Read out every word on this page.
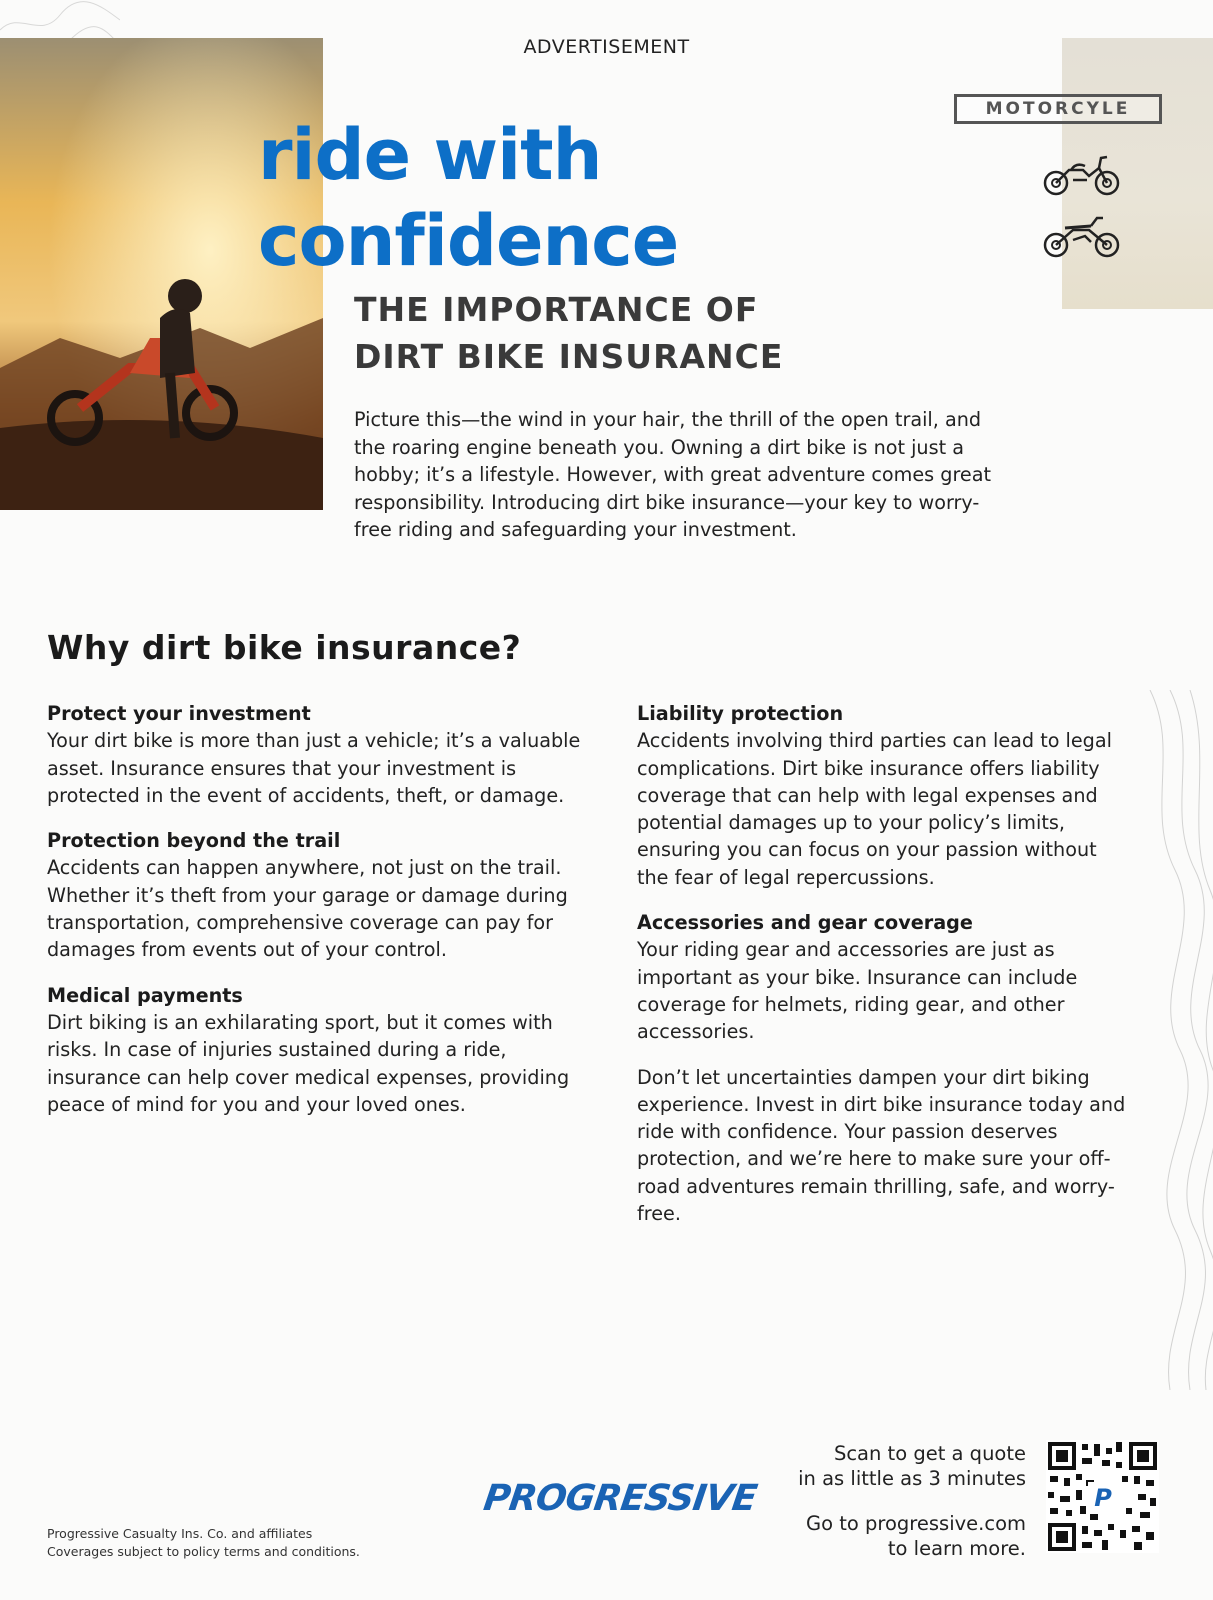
ADVERTISEMENT
MOTORCYLE
ride with
confidence
THE IMPORTANCE OF
DIRT BIKE INSURANCE
Picture this—the wind in your hair, the thrill of the open trail, and the roaring engine beneath you. Owning a dirt bike is not just a hobby; it’s a lifestyle. However, with great adventure comes great responsibility. Introducing dirt bike insurance—your key to worry-free riding and safeguarding your investment.
Why dirt bike insurance?
Protect your investment

Your dirt bike is more than just a vehicle; it’s a valuable asset. Insurance ensures that your investment is protected in the event of accidents, theft, or damage.

Protection beyond the trail

Accidents can happen anywhere, not just on the trail. Whether it’s theft from your garage or damage during transportation, comprehensive coverage can pay for damages from events out of your control.

Medical payments

Dirt biking is an exhilarating sport, but it comes with risks. In case of injuries sustained during a ride, insurance can help cover medical expenses, providing peace of mind for you and your loved ones.

Liability protection

Accidents involving third parties can lead to legal complications. Dirt bike insurance offers liability coverage that can help with legal expenses and potential damages up to your policy’s limits, ensuring you can focus on your passion without the fear of legal repercussions.

Accessories and gear coverage

Your riding gear and accessories are just as important as your bike. Insurance can include coverage for helmets, riding gear, and other accessories.

Don’t let uncertainties dampen your dirt biking experience. Invest in dirt bike insurance today and ride with confidence. Your passion deserves protection, and we’re here to make sure your off-road adventures remain thrilling, safe, and worry-free.

PROGRESSIVE
Progressive Casualty Ins. Co. and affiliates
Coverages subject to policy terms and conditions.
Scan to get a quote
in as little as 3 minutes
Go to progressive.com
to learn more.
P
